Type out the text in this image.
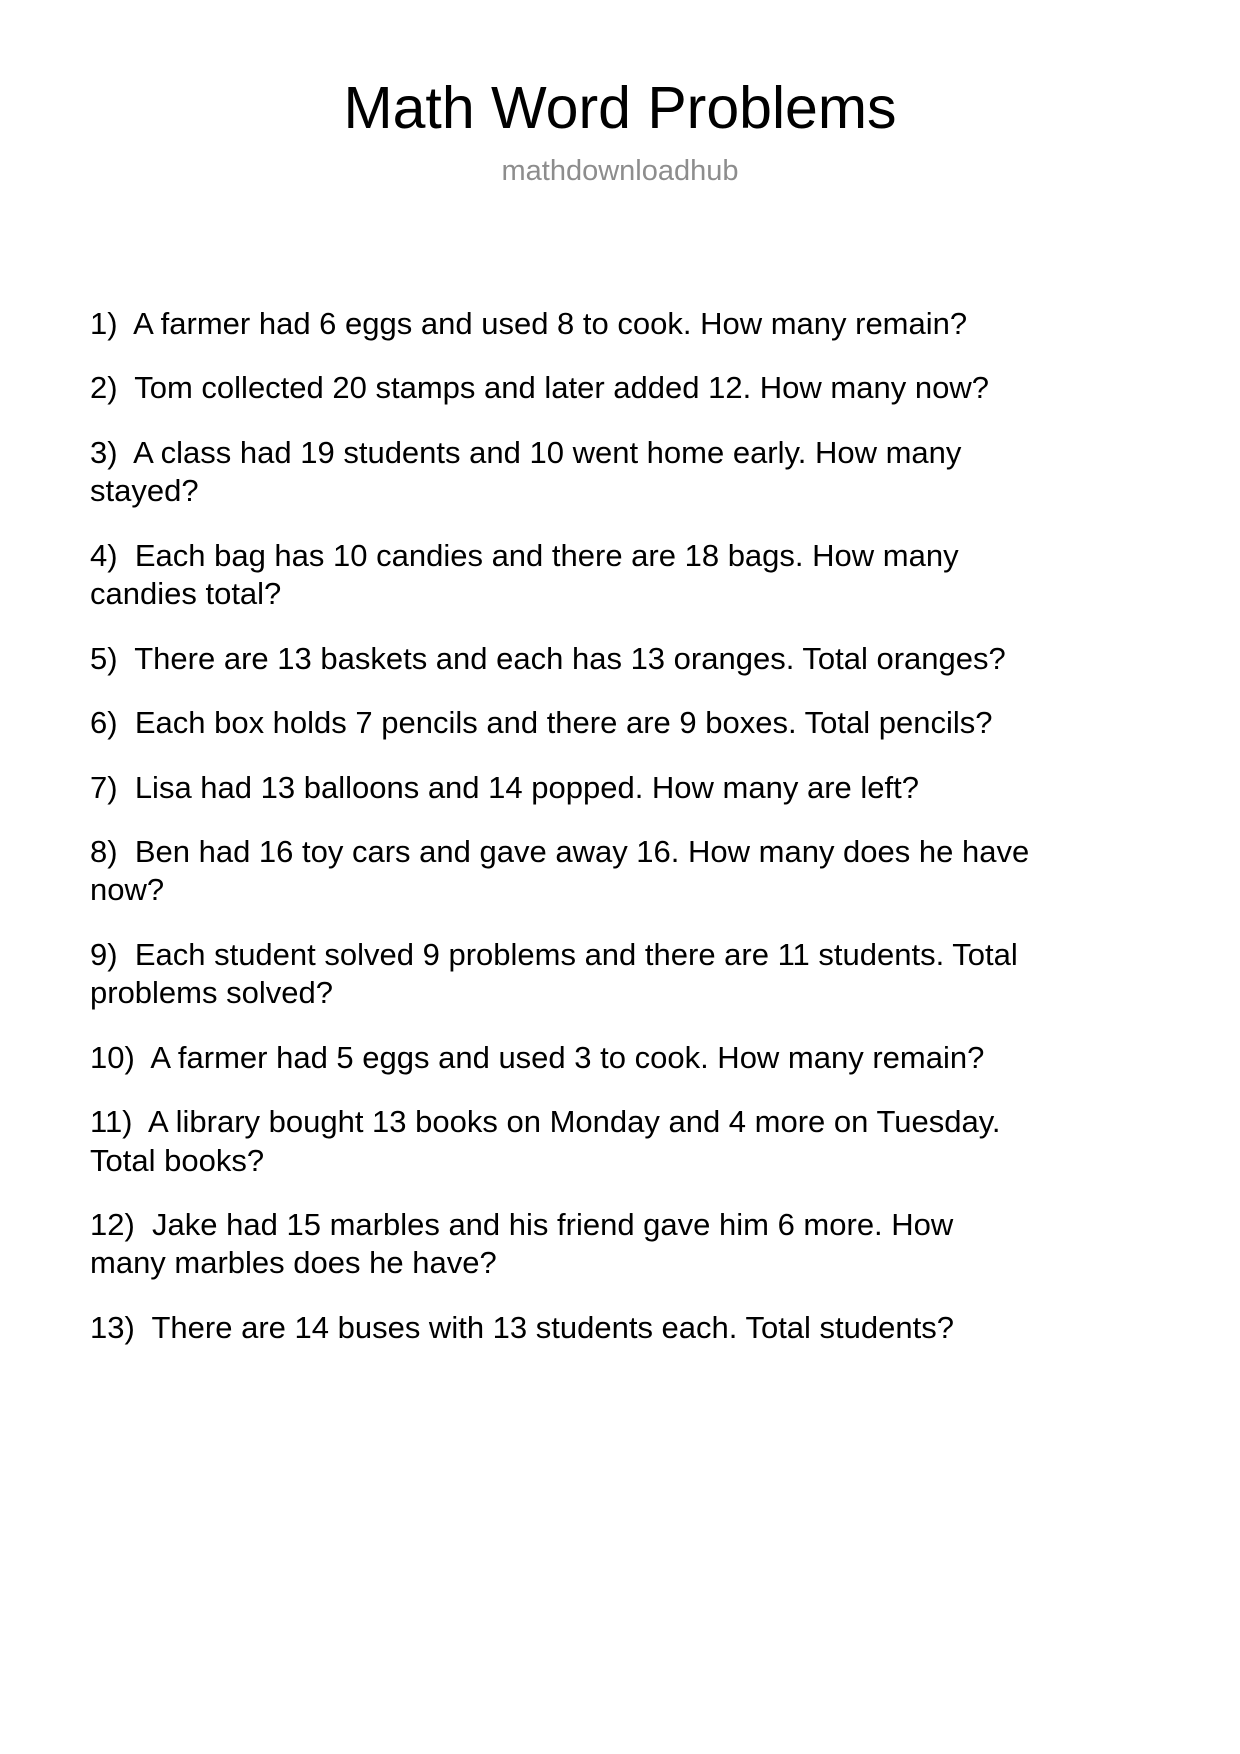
Math Word Problems
mathdownloadhub
1)  A farmer had 6 eggs and used 8 to cook. How many remain?
2)  Tom collected 20 stamps and later added 12. How many now?
3)  A class had 19 students and 10 went home early. How many stayed?
4)  Each bag has 10 candies and there are 18 bags. How many candies total?
5)  There are 13 baskets and each has 13 oranges. Total oranges?
6)  Each box holds 7 pencils and there are 9 boxes. Total pencils?
7)  Lisa had 13 balloons and 14 popped. How many are left?
8)  Ben had 16 toy cars and gave away 16. How many does he have now?
9)  Each student solved 9 problems and there are 11 students. Total problems solved?
10)  A farmer had 5 eggs and used 3 to cook. How many remain?
11)  A library bought 13 books on Monday and 4 more on Tuesday. Total books?
12)  Jake had 15 marbles and his friend gave him 6 more. How many marbles does he have?
13)  There are 14 buses with 13 students each. Total students?
